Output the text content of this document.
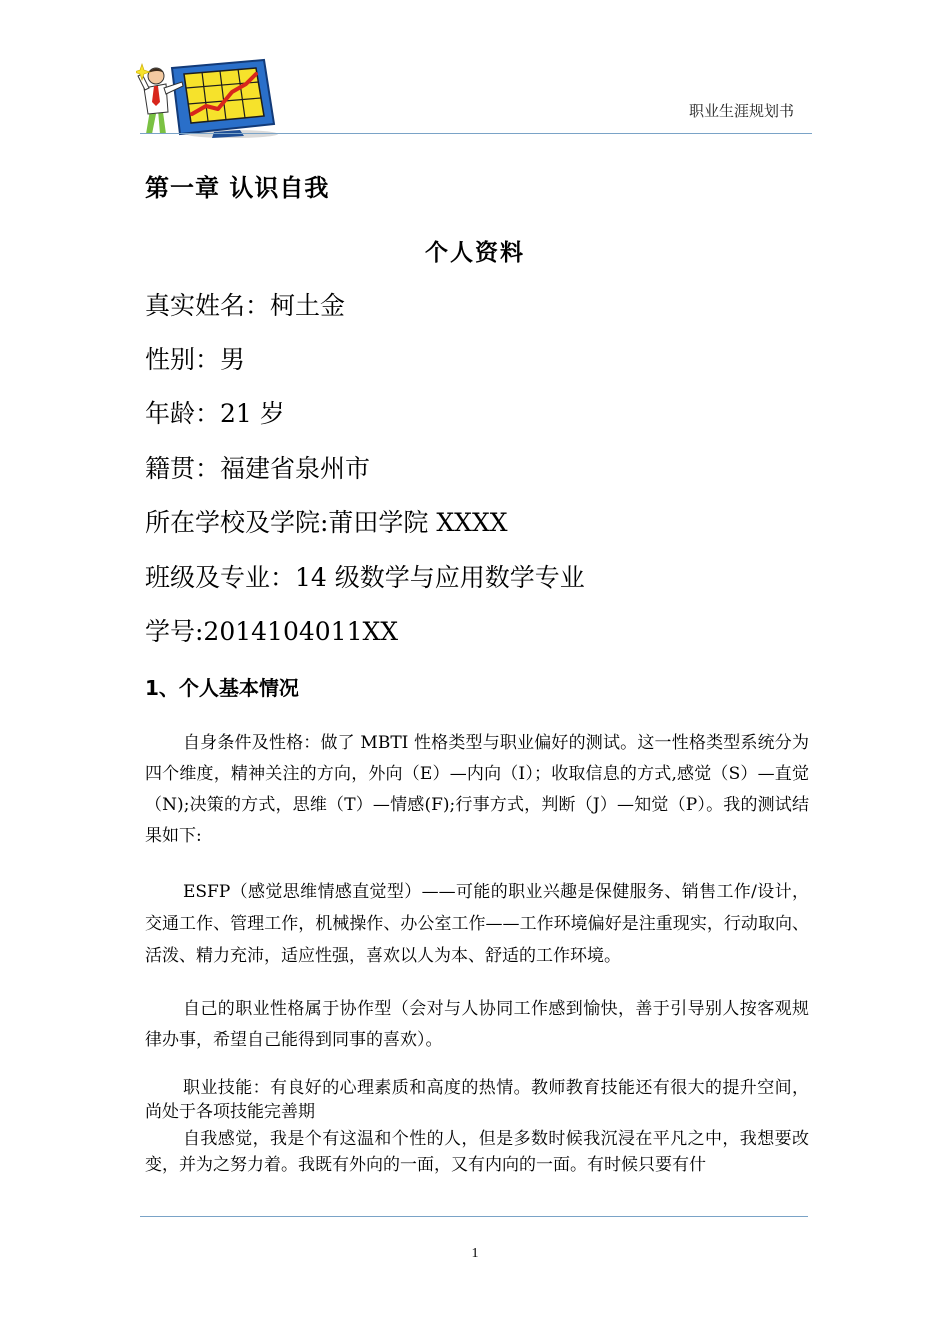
职业生涯规划书
第一章 认识自我
个人资料
真实姓名：柯土金
性别：男
年龄：21 岁
籍贯：福建省泉州市
所在学校及学院:莆田学院 XXXX
班级及专业：14 级数学与应用数学专业
学号:2014104011XX
1、个人基本情况

自身条件及性格：做了 MBTI 性格类型与职业偏好的测试。这一性格类型系统分为四个维度，精神关注的方向，外向（E）—内向（I）；收取信息的方式,感觉（S）—直觉（N);决策的方式，思维（T）—情感(F);行事方式，判断（J）—知觉（P）。我的测试结果如下:

ESFP（感觉思维情感直觉型）——可能的职业兴趣是保健服务、销售工作/设计，交通工作、管理工作，机械操作、办公室工作——工作环境偏好是注重现实，行动取向、活泼、精力充沛，适应性强，喜欢以人为本、舒适的工作环境。

自己的职业性格属于协作型（会对与人协同工作感到愉快，善于引导别人按客观规律办事，希望自己能得到同事的喜欢）。

职业技能：有良好的心理素质和高度的热情。教师教育技能还有很大的提升空间，尚处于各项技能完善期

自我感觉，我是个有这温和个性的人，但是多数时候我沉浸在平凡之中，我想要改变，并为之努力着。我既有外向的一面，又有内向的一面。有时候只要有什

1
